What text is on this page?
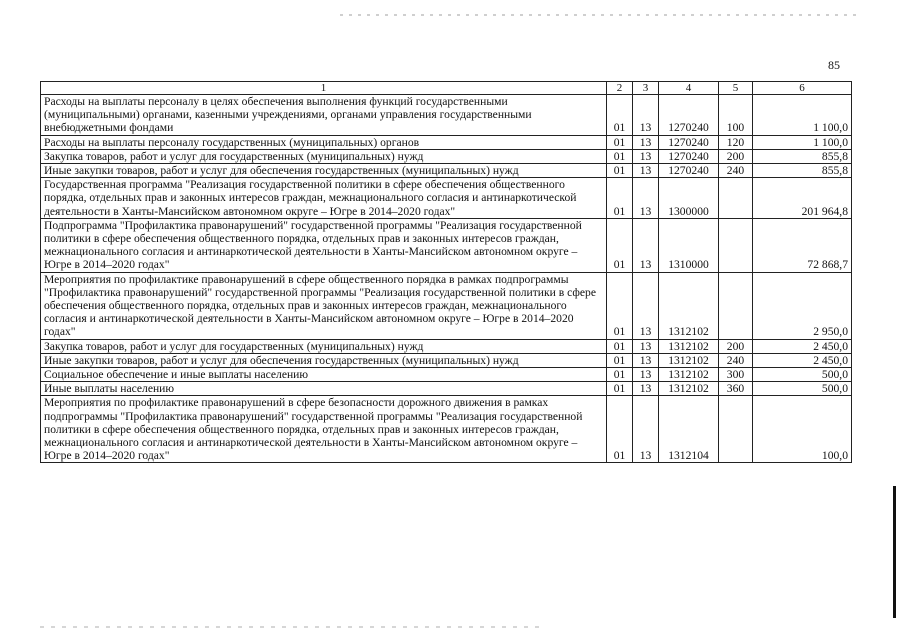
85
1	2	3	4	5	6
Расходы на выплаты персоналу в целях обеспечения выполнения функций государственными (муниципальными) органами, казенными учреждениями, органами управления государственными внебюджетными фондами	01	13	1270240	100	1 100,0
Расходы на выплаты персоналу государственных (муниципальных) органов	01	13	1270240	120	1 100,0
Закупка товаров, работ и услуг для государственных (муниципальных) нужд	01	13	1270240	200	855,8
Иные закупки товаров, работ и услуг для обеспечения государственных (муниципальных) нужд	01	13	1270240	240	855,8
Государственная программа "Реализация государственной политики в сфере обеспечения общественного порядка, отдельных прав и законных интересов граждан, межнационального согласия и антинаркотической деятельности в Ханты-Мансийском автономном округе – Югре в 2014–2020 годах"	01	13	1300000		201 964,8
Подпрограмма "Профилактика правонарушений" государственной программы "Реализация государственной политики в сфере обеспечения общественного порядка, отдельных прав и законных интересов граждан, межнационального согласия и антинаркотической деятельности в Ханты-Мансийском автономном округе – Югре в 2014–2020 годах"	01	13	1310000		72 868,7
Мероприятия по профилактике правонарушений в сфере общественного порядка в рамках подпрограммы "Профилактика правонарушений" государственной программы "Реализация государственной политики в сфере обеспечения общественного порядка, отдельных прав и законных интересов граждан, межнационального согласия и антинаркотической деятельности в Ханты-Мансийском автономном округе – Югре в 2014–2020 годах"	01	13	1312102		2 950,0
Закупка товаров, работ и услуг для государственных (муниципальных) нужд	01	13	1312102	200	2 450,0
Иные закупки товаров, работ и услуг для обеспечения государственных (муниципальных) нужд	01	13	1312102	240	2 450,0
Социальное обеспечение и иные выплаты населению	01	13	1312102	300	500,0
Иные выплаты населению	01	13	1312102	360	500,0
Мероприятия по профилактике правонарушений в сфере безопасности дорожного движения в рамках подпрограммы "Профилактика правонарушений" государственной программы "Реализация государственной политики в сфере обеспечения общественного порядка, отдельных прав и законных интересов граждан, межнационального согласия и антинаркотической деятельности в Ханты-Мансийском автономном округе – Югре в 2014–2020 годах"	01	13	1312104		100,0
